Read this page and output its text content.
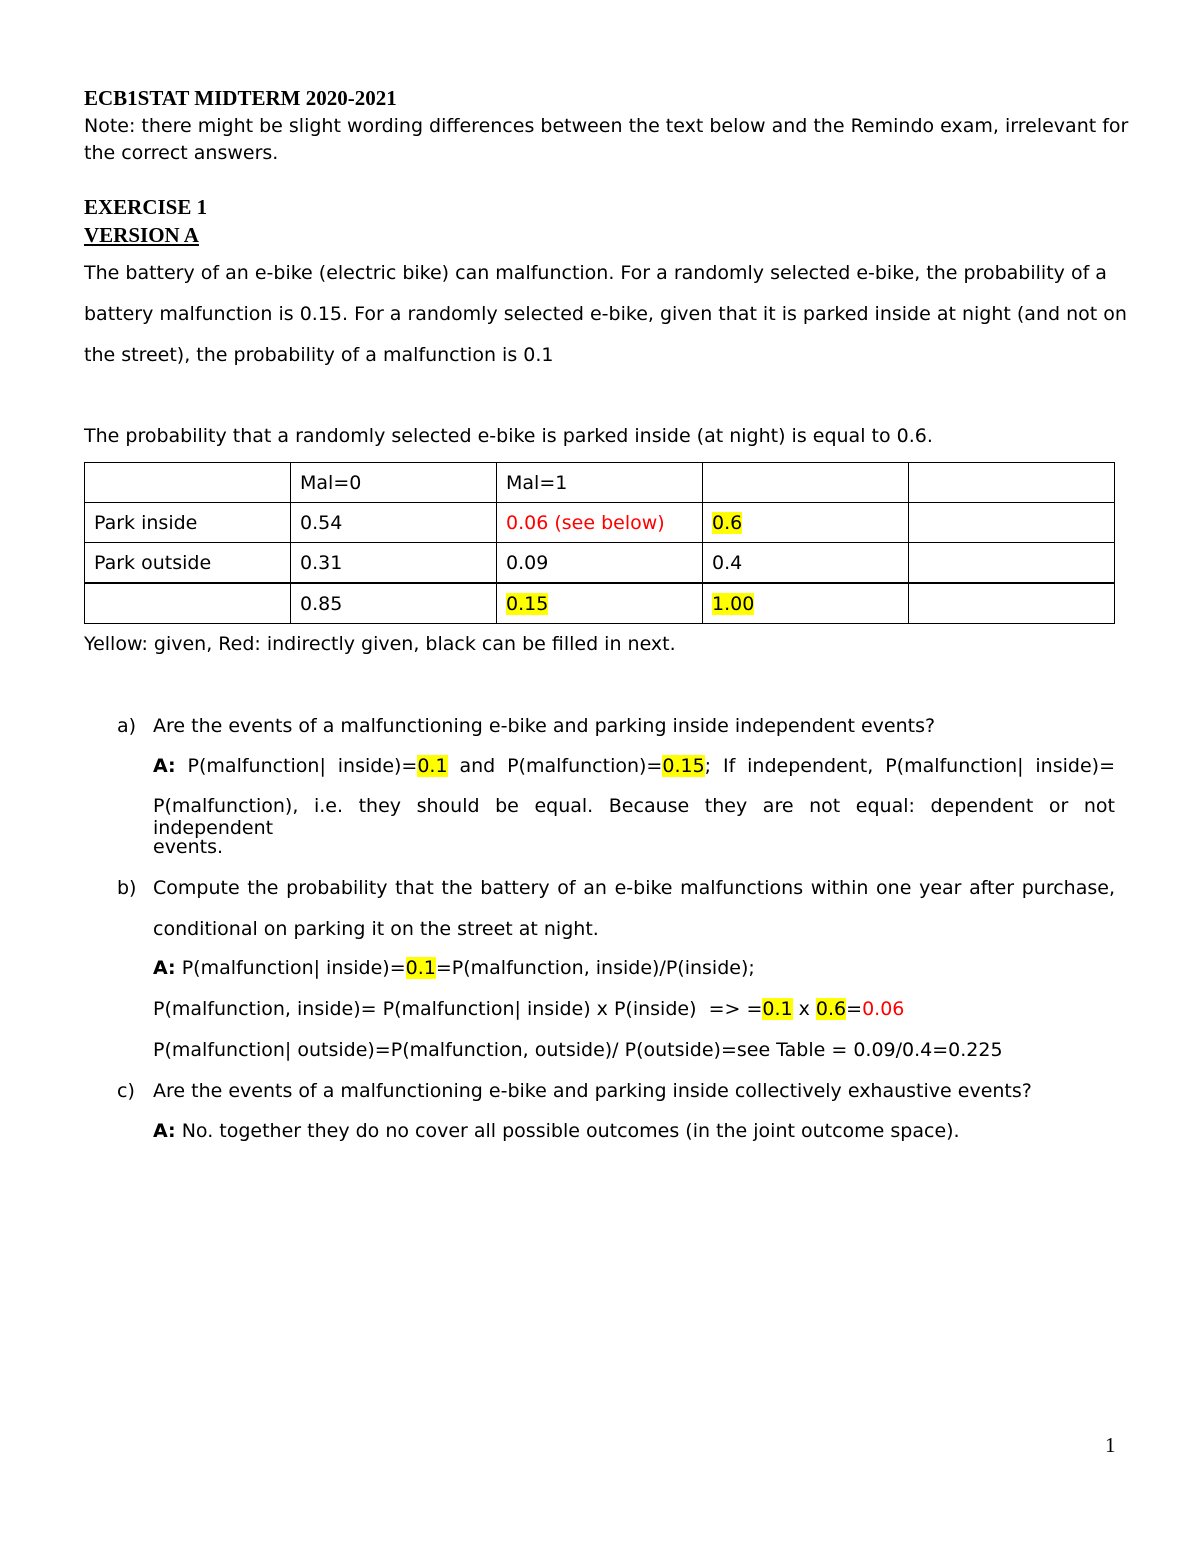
ECB1STAT MIDTERM 2020-2021
Note: there might be slight wording differences between the text below and the Remindo exam, irrelevant for
the correct answers.
EXERCISE 1
VERSION A
The battery of an e-bike (electric bike) can malfunction. For a randomly selected e-bike, the probability of a
battery malfunction is 0.15. For a randomly selected e-bike, given that it is parked inside at night (and not on
the street), the probability of a malfunction is 0.1
The probability that a randomly selected e-bike is parked inside (at night) is equal to 0.6.
	Mal=0	Mal=1		
Park inside	0.54	0.06 (see below)	0.6	
Park outside	0.31	0.09	0.4	
	0.85	0.15	1.00	
Yellow: given, Red: indirectly given, black can be filled in next.
a) Are the events of a malfunctioning e-bike and parking inside independent events?
A: P(malfunction| inside)=0.1 and P(malfunction)=0.15; If independent, P(malfunction| inside)=
P(malfunction), i.e. they should be equal. Because they are not equal: dependent or not independent
events.
b) Compute the probability that the battery of an e-bike malfunctions within one year after purchase,
conditional on parking it on the street at night.
A: P(malfunction| inside)=0.1=P(malfunction, inside)/P(inside);
P(malfunction, inside)= P(malfunction| inside) x P(inside)  => =0.1 x 0.6=0.06
P(malfunction| outside)=P(malfunction, outside)/ P(outside)=see Table = 0.09/0.4=0.225
c) Are the events of a malfunctioning e-bike and parking inside collectively exhaustive events?
A: No. together they do no cover all possible outcomes (in the joint outcome space).
1
